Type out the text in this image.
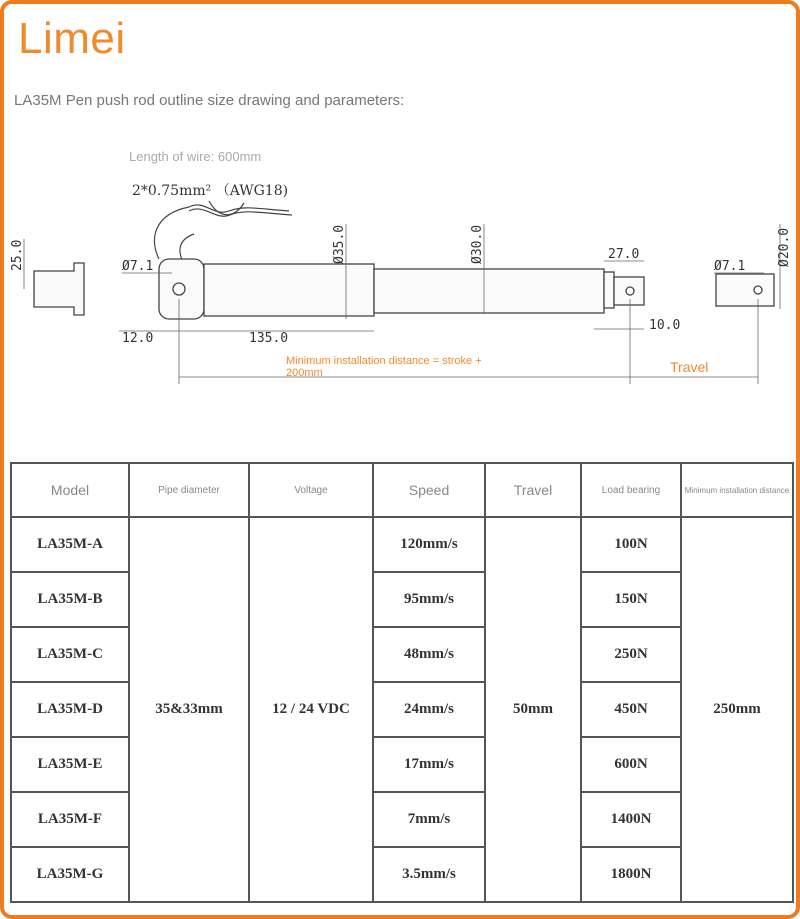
Limei
LA35M Pen push rod outline size drawing and parameters:
Length of wire: 600mm
2*0.75mm² （AWG18)
25.0	Ø35.0	Ø30.0	Ø20.0
Ø7.1	Ø7.1
27.0
12.0	135.0
10.0
Minimum installation distance = stroke +
200mm	Travel
Model	Pipe diameter	Voltage	Speed	Travel	Load bearing	Minimum installation distance
LA35M-A	35&33mm	12 / 24 VDC	120mm/s	50mm	100N	250mm
LA35M-B			95mm/s		150N	
LA35M-C			48mm/s		250N	
LA35M-D			24mm/s		450N	
LA35M-E			17mm/s		600N	
LA35M-F			7mm/s		1400N	
LA35M-G			3.5mm/s		1800N	
